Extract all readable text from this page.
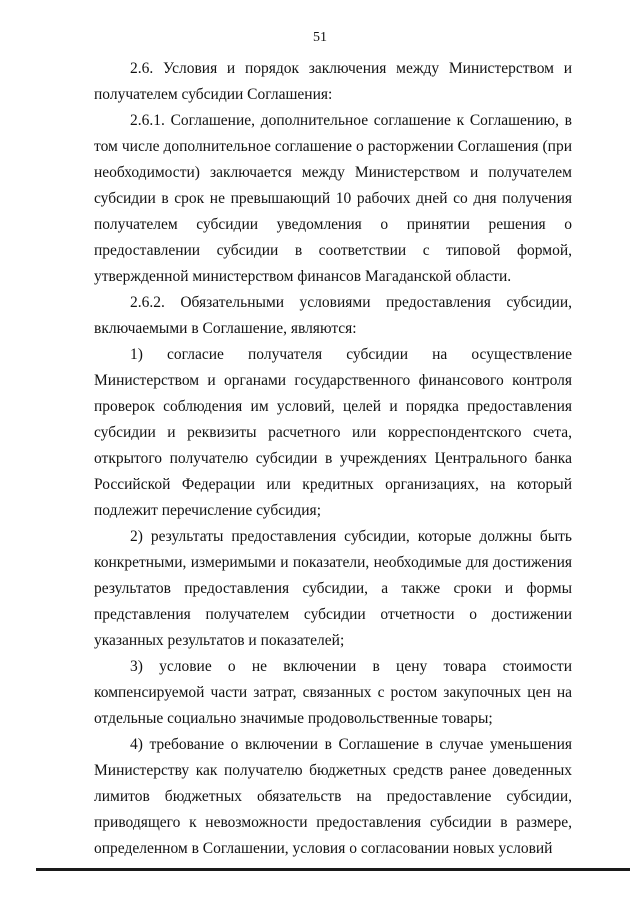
51

2.6. Условия и порядок заключения между Министерством и получателем субсидии Соглашения:

2.6.1. Соглашение, дополнительное соглашение к Соглашению, в том числе дополнительное соглашение о расторжении Соглашения (при необходимости) заключается между Министерством и получателем субсидии в срок не превышающий 10 рабочих дней со дня получения получателем субсидии уведомления о принятии решения о предоставлении субсидии в соответствии с типовой формой, утвержденной министерством финансов Магаданской области.

2.6.2. Обязательными условиями предоставления субсидии, включаемыми в Соглашение, являются:

1) согласие получателя субсидии на осуществление Министерством и органами государственного финансового контроля проверок соблюдения им условий, целей и порядка предоставления субсидии и реквизиты расчетного или корреспондентского счета, открытого получателю субсидии в учреждениях Центрального банка Российской Федерации или кредитных организациях, на который подлежит перечисление субсидия;

2) результаты предоставления субсидии, которые должны быть конкретными, измеримыми и показатели, необходимые для достижения результатов предоставления субсидии, а также сроки и формы представления получателем субсидии отчетности о достижении указанных результатов и показателей;

3) условие о не включении в цену товара стоимости компенсируемой части затрат, связанных с ростом закупочных цен на отдельные социально значимые продовольственные товары;

4) требование о включении в Соглашение в случае уменьшения Министерству как получателю бюджетных средств ранее доведенных лимитов бюджетных обязательств на предоставление субсидии, приводящего к невозможности предоставления субсидии в размере, определенном в Соглашении, условия о согласовании новых условий
